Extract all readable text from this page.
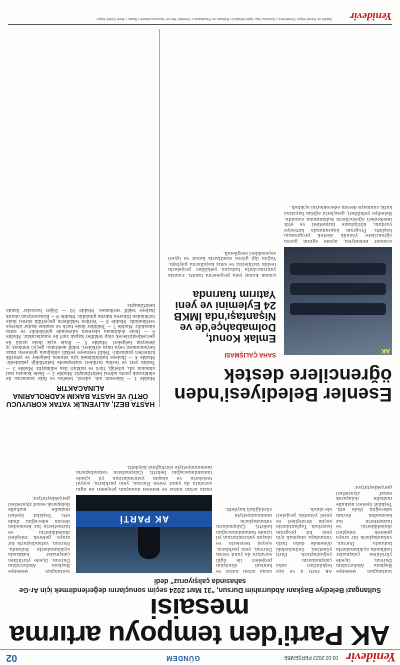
Yenidevir
03.02.2022 PERŞEMBE
GÜNDEM
02
AK Parti'den tempoyu artırma mesaisi
Sultangazi Belediye Başkanı Abdurrahim Dursun, "31 Mart 2024 seçim sonuçlarını değerlendirmek için Ar-Ge sahasında çalışıyoruz" dedi
Sultangazi Belediye Başkanı Abdurrahim Dursun, ilçede yürütülen çalışmalar hakkında açıklamalarda bulundu. Dursun, vatandaşlarla bir araya gelerek talepleri dinlediklerini ve hizmetlerin hız kesmeden devam edeceğini ifade etti. Teşkilat üyeleri mahalle mahalle dolaşarak esnaf ziyaretleri gerçekleştiriyor.
AK Parti il ve ilçe teşkilatları saha çalışmalarını yoğunlaştırdı. Parti yönetimi, önümüzdeki dönemde daha fazla vatandaşa ulaşmak için yeni bir program hazırladı. Toplantılarda seçim stratejileri ve yerel yönetim projeleri ele alındı.
Hızla artan nüfus ve kentsel dönüşüm projeleri ile ilgili sorulara da yanıt veren Dursun, yeni parkların, sosyal tesislerin ve ulaşım yatırımlarının yıl içinde tamamlanacağını belirtti. Çalışmaların vatandaşların memnuniyetiyle sürdüğünü kaydetti.
AK PARTİ
Hızla artan nüfus ve kentsel dönüşüm projeleri ile ilgili sorulara da yanıt veren Dursun, yeni parkların, sosyal tesislerin ve ulaşım yatırımlarının yıl içinde tamamlanacağını belirtti. Çalışmaların vatandaşların memnuniyetiyle sürdüğünü kaydetti.
Sultangazi Belediye Başkanı Abdurrahim Dursun, ilçede yürütülen çalışmalar hakkında açıklamalarda bulundu. Dursun, vatandaşlarla bir araya gelerek talepleri dinlediklerini ve hizmetlerin hız kesmeden devam edeceğini ifade etti. Teşkilat üyeleri mahalle mahalle dolaşarak esnaf ziyaretleri gerçekleştiriyor.
Esenler Belediyesi'nden öğrencilere destek
AK
Esenler Belediyesi, ilçede eğitim gören öğrencilere yönelik destek programını başlattı. Program kapsamında kırtasiye yardımı, kütüphane hizmetleri ve etüt merkezleri öğrencilerin kullanımına sunuldu. Belediye yetkilileri, gençlerin eğitim hayatına katkı sunmaya devam edeceklerini açıkladı.
SAHA ÇALIŞMASI
Emlak Konut, Dolmabahçe'de ve Nişantaşı'nda İMKB 24 Eylemini ve yeni Yatırım fuarında
Emlak Konut yeni projelerini tanıttı. Fuarda yatırımcılarla buluşan yetkililer, projelerin teslim tarihlerini ve satış koşullarını paylaştı. Yoğun ilgi gören stantlarda konut ve işyeri seçenekleri sergilendi.
HASTA BEZİ, ALIYENLİK YATAK KORUYUCU ÖRTÜ VE HASTA BAKIM KADROLARINA ALINACAKTIR
Madde 1 — İdarenin adı, adresi, telefon ve faks numarası ile elektronik posta adresi belirtilmiştir. Madde 2 — İhale konusu mal alımının adı, niteliği, türü ve miktarı ilan edilmiştir. Madde 3 — Teslim yeri ve teslim tarihleri sözleşmede belirtildiği şekildedir. Madde 4 — İhaleye katılabilmek için istenen belgeler ve yeterlik kriterleri şunlardır: Teklif vermeye yetkili olduğunu gösteren imza beyannamesi veya imza sirküleri; teklif mektubu; geçici teminat; iş deneyim belgeleri. Madde 5 — İhale açık ihale usulü ile gerçekleştirilecek olup teklifler kapalı zarf ile sunulacaktır. Madde 6 — İhale dokümanı idarenin adresinde görülebilir ve satın alınabilir. Madde 7 — Teklifler ihale tarih ve saatine kadar idareye verilmelidir. Madde 8 — Verilen tekliflerin geçerlilik süresi ihale tarihinden itibaren takvim günüdür. Madde 9 — Konsorsiyum olarak ihaleye teklif verilemez. Madde 10 — Diğer hususlar ilanda belirtilmiştir.
Yenidevir
Sahibi ve Genel Yayın Yönetmeni • Sorumlu Yazı İşleri Müdürü • Reklam ve Pazarlama • Yönetim Yeri ve Yazışma Adresi • Baskı • Yerel Süreli Yayın
